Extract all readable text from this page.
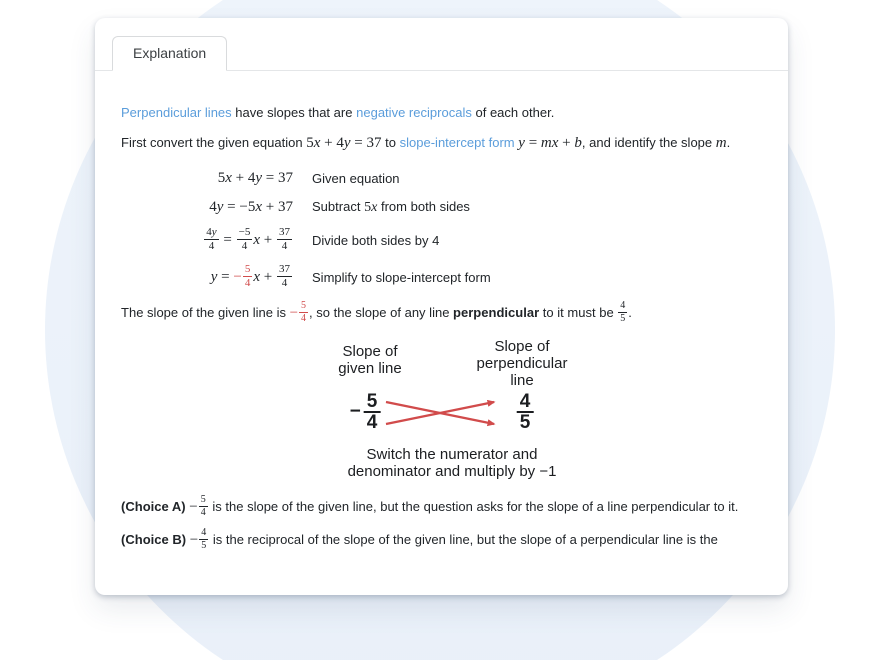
Explanation

Perpendicular lines have slopes that are negative reciprocals of each other.

First convert the given equation 5x + 4y = 37 to slope-intercept form y = mx + b, and identify the slope m.

5x + 4y = 37 Given equation
4y = −5x + 37 Subtract 5x from both sides
$\frac{4y}{4} = \frac{-5}{4}$ $x + \frac{37}{4}$ Divide both sides by 4
y = − $\frac{5}{4}$ $x + \frac{37}{4}$ Simplify to slope-intercept form

The slope of the given line is − $\frac{5}{4}$ , so the slope of any line perpendicular to it must be $\frac{4}{5}$ .

Slope of
given line
Slope of
perpendicular
line
− $\frac{5}{4}$	4
5
Switch the numerator and
denominator and multiply by −1

(Choice $A) - \frac{5}{4}$ is the slope of the given line, but the question asks for the slope of a line perpendicular to it.

(Choice $B) - \frac{4}{5}$ is the reciprocal of the slope of the given line, but the slope of a perpendicular line is the
